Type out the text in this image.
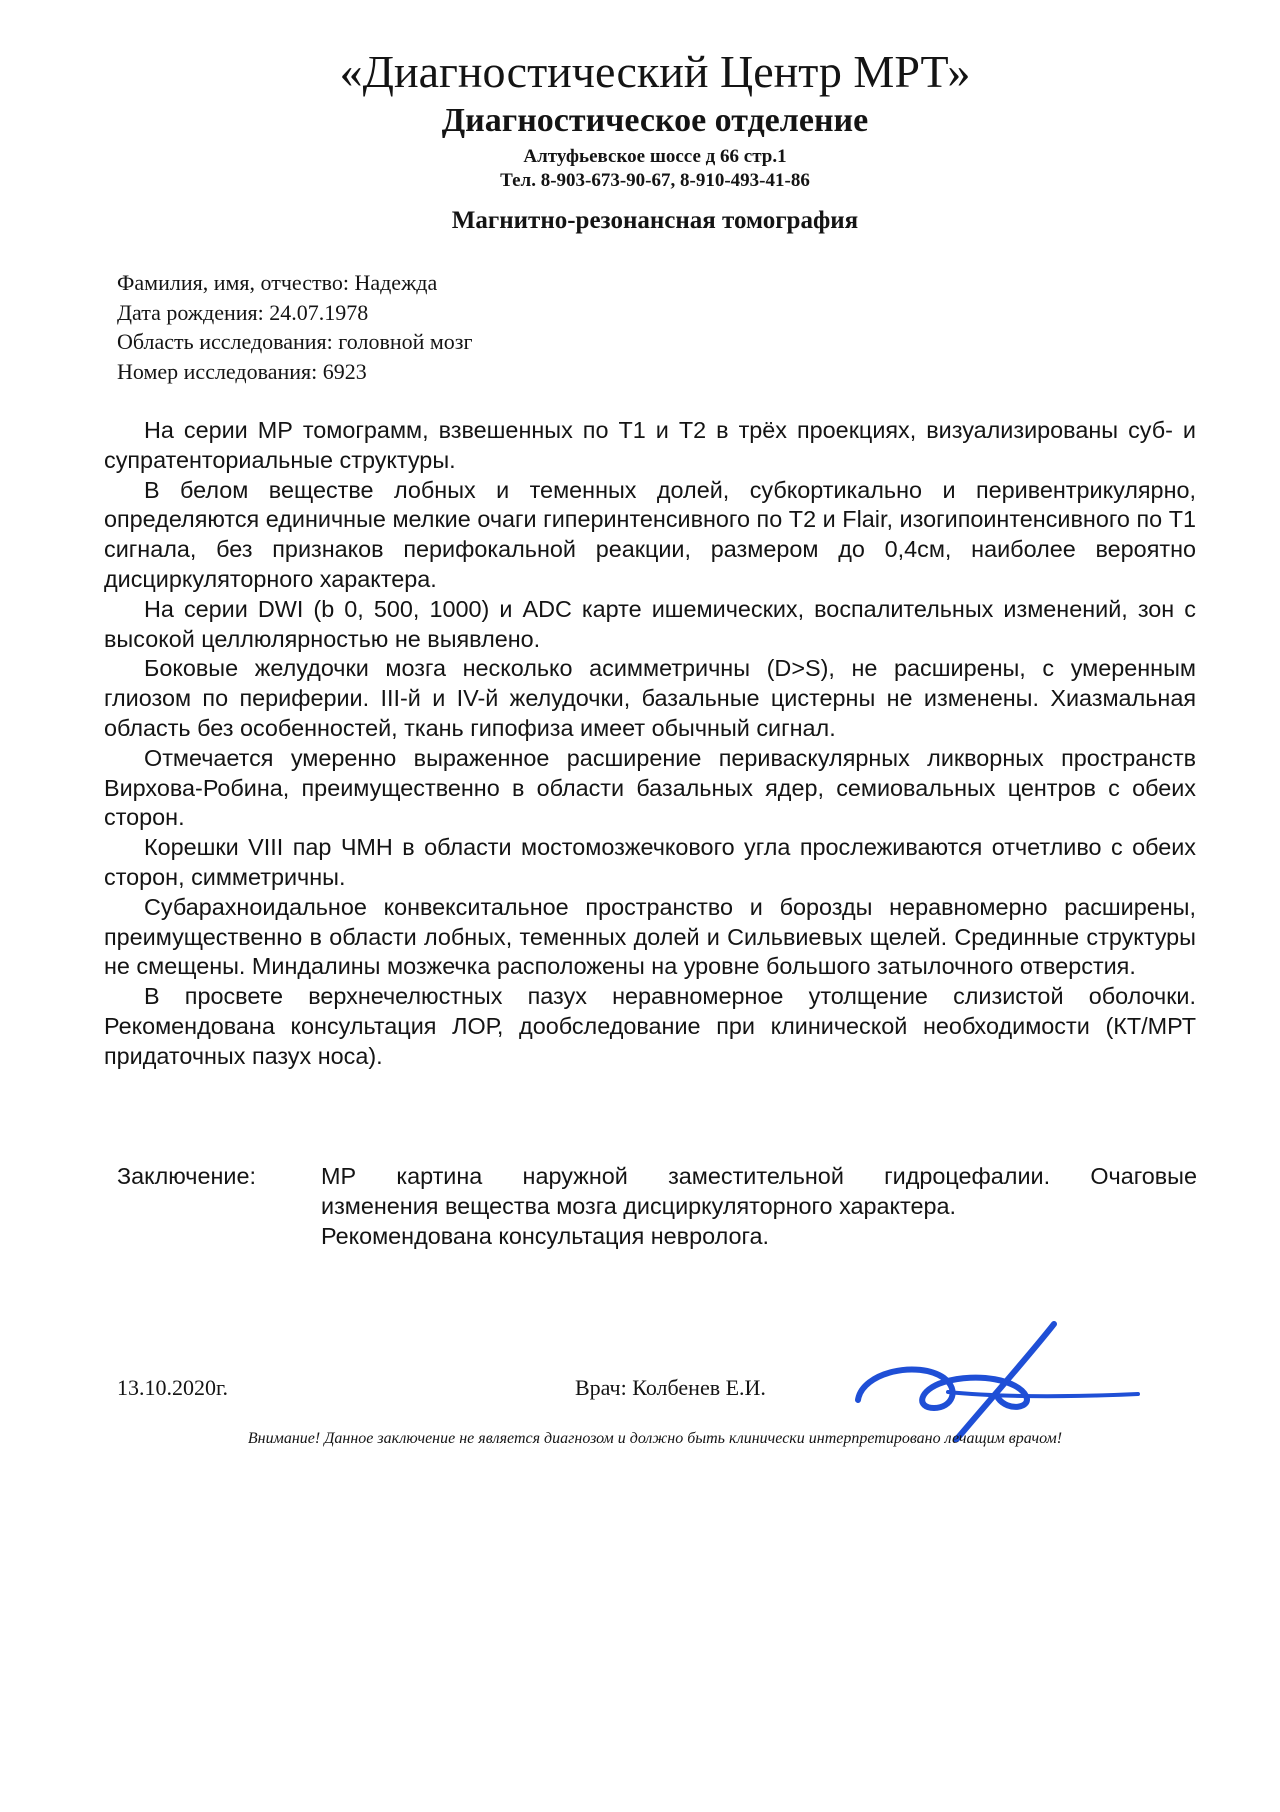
«Диагностический Центр МРТ»
Диагностическое отделение
Алтуфьевское шоссе д 66 стр.1
Тел. 8-903-673-90-67, 8-910-493-41-86
Магнитно-резонансная томография
Фамилия, имя, отчество: Надежда
Дата рождения: 24.07.1978
Область исследования: головной мозг
Номер исследования: 6923

На серии МР томограмм, взвешенных по Т1 и Т2 в трёх проекциях, визуализированы суб- и супратенториальные структуры.

В белом веществе лобных и теменных долей, субкортикально и перивентрикулярно, определяются единичные мелкие очаги гиперинтенсивного по Т2 и Flair, изогипоинтенсивного по Т1 сигнала, без признаков перифокальной реакции, размером до 0,4см, наиболее вероятно дисциркуляторного характера.

На серии DWI (b 0, 500, 1000) и ADC карте ишемических, воспалительных изменений, зон с высокой целлюлярностью не выявлено.

Боковые желудочки мозга несколько асимметричны (D>S), не расширены, с умеренным глиозом по периферии. III-й и IV-й желудочки, базальные цистерны не изменены. Хиазмальная область без особенностей, ткань гипофиза имеет обычный сигнал.

Отмечается умеренно выраженное расширение периваскулярных ликворных пространств Вирхова-Робина, преимущественно в области базальных ядер, семиовальных центров с обеих сторон.

Корешки VIII пар ЧМН в области мостомозжечкового угла прослеживаются отчетливо с обеих сторон, симметричны.

Субарахноидальное конвекситальное пространство и борозды неравномерно расширены, преимущественно в области лобных, теменных долей и Сильвиевых щелей. Срединные структуры не смещены. Миндалины мозжечка расположены на уровне большого затылочного отверстия.

В просвете верхнечелюстных пазух неравномерное утолщение слизистой оболочки. Рекомендована консультация ЛОР, дообследование при клинической необходимости (КТ/МРТ придаточных пазух носа).

Заключение:	МР картина наружной заместительной гидроцефалии. Очаговые
изменения вещества мозга дисциркуляторного характера.
Рекомендована консультация невролога.
13.10.2020г.	Врач: Колбенев Е.И.
Внимание! Данное заключение не является диагнозом и должно быть клинически интерпретировано лечащим врачом!
